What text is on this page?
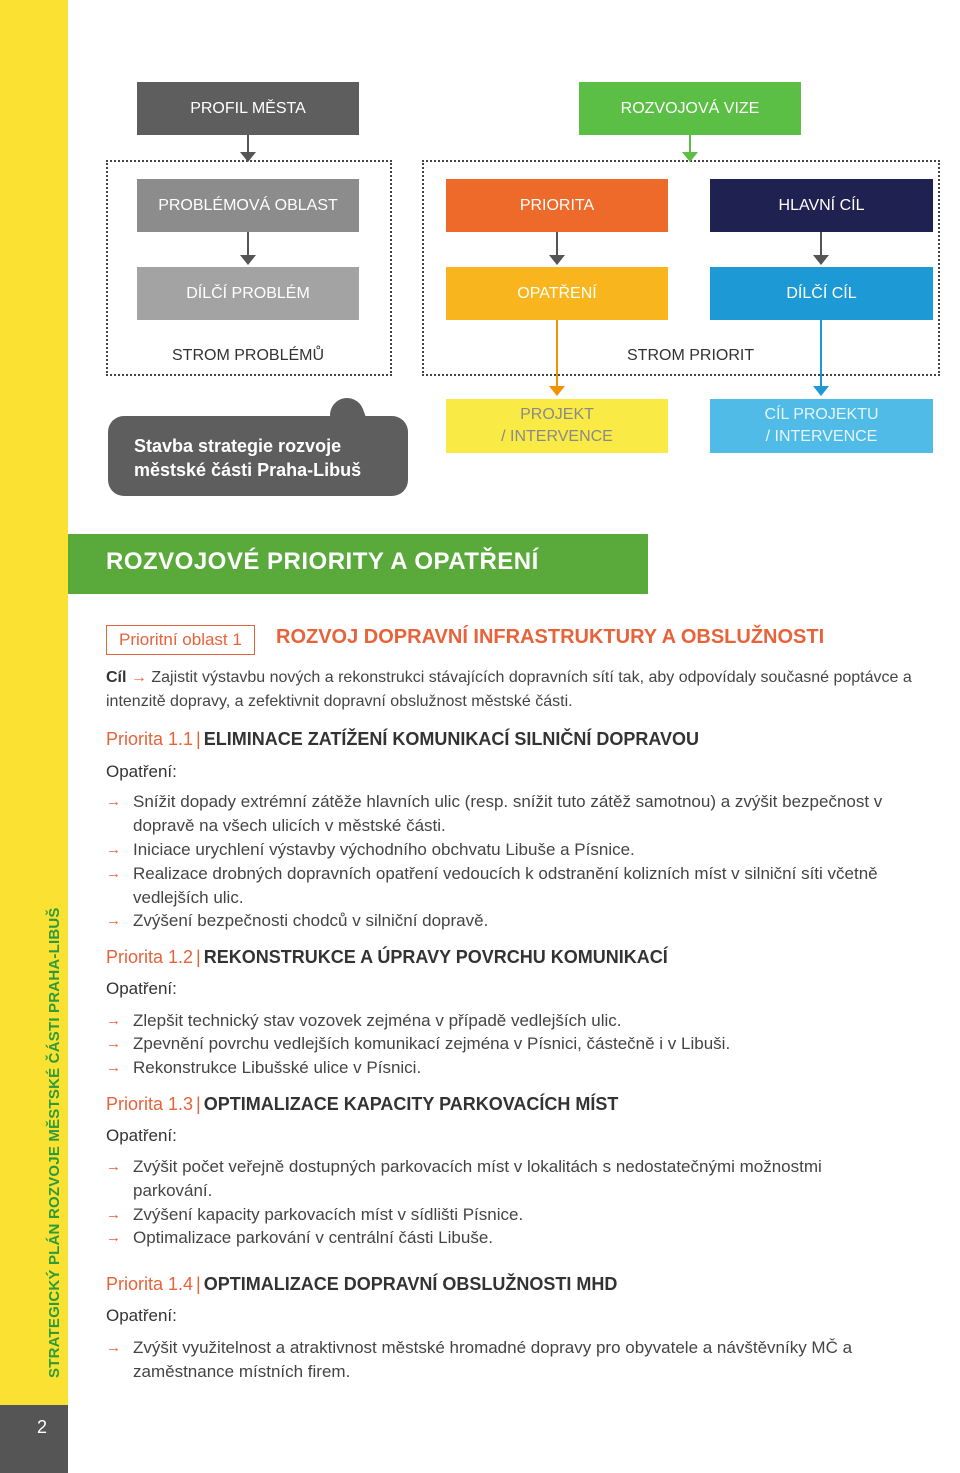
2
STRATEGICKÝ PLÁN ROZVOJE MĚSTSKÉ ČÁSTI PRAHA-LIBUŠ
STROM PROBLÉMŮ	STROM PRIORIT
PROFIL MĚSTA	ROZVOJOVÁ VIZE
PROBLÉMOVÁ OBLAST	PRIORITA	HLAVNÍ CÍL
DÍLČÍ PROBLÉM	OPATŘENÍ	DÍLČÍ CÍL
PROJEKT
/ INTERVENCE
CÍL PROJEKTU
/ INTERVENCE
Stavba strategie rozvoje
městské části Praha-Libuš
ROZVOJOVÉ PRIORITY A OPATŘENÍ
Prioritní oblast 1	ROZVOJ DOPRAVNÍ INFRASTRUKTURY A OBSLUŽNOSTI
Cíl → Zajistit výstavbu nových a rekonstrukci stávajících dopravních sítí tak, aby odpovídaly současné poptávce a intenzitě dopravy, a zefektivnit dopravní obslužnost městské části.
Priorita 1.1 | ELIMINACE ZATÍŽENÍ KOMUNIKACÍ SILNIČNÍ DOPRAVOU
Opatření:
→ Snížit dopady extrémní zátěže hlavních ulic (resp. snížit tuto zátěž samotnou) a zvýšit bezpečnost v dopravě na všech ulicích v městské části.
→ Iniciace urychlení výstavby východního obchvatu Libuše a Písnice.
→ Realizace drobných dopravních opatření vedoucích k odstranění kolizních míst v silniční síti včetně vedlejších ulic.
→ Zvýšení bezpečnosti chodců v silniční dopravě.
Priorita 1.2 | REKONSTRUKCE A ÚPRAVY POVRCHU KOMUNIKACÍ
Opatření:
→ Zlepšit technický stav vozovek zejména v případě vedlejších ulic.
→ Zpevnění povrchu vedlejších komunikací zejména v Písnici, částečně i v Libuši.
→ Rekonstrukce Libušské ulice v Písnici.
Priorita 1.3 | OPTIMALIZACE KAPACITY PARKOVACÍCH MÍST
Opatření:
→ Zvýšit počet veřejně dostupných parkovacích míst v lokalitách s nedostatečnými možnostmi parkování.
→ Zvýšení kapacity parkovacích míst v sídlišti Písnice.
→ Optimalizace parkování v centrální části Libuše.
Priorita 1.4 | OPTIMALIZACE DOPRAVNÍ OBSLUŽNOSTI MHD
Opatření:
→ Zvýšit využitelnost a atraktivnost městské hromadné dopravy pro obyvatele a návštěvníky MČ a zaměstnance místních firem.
